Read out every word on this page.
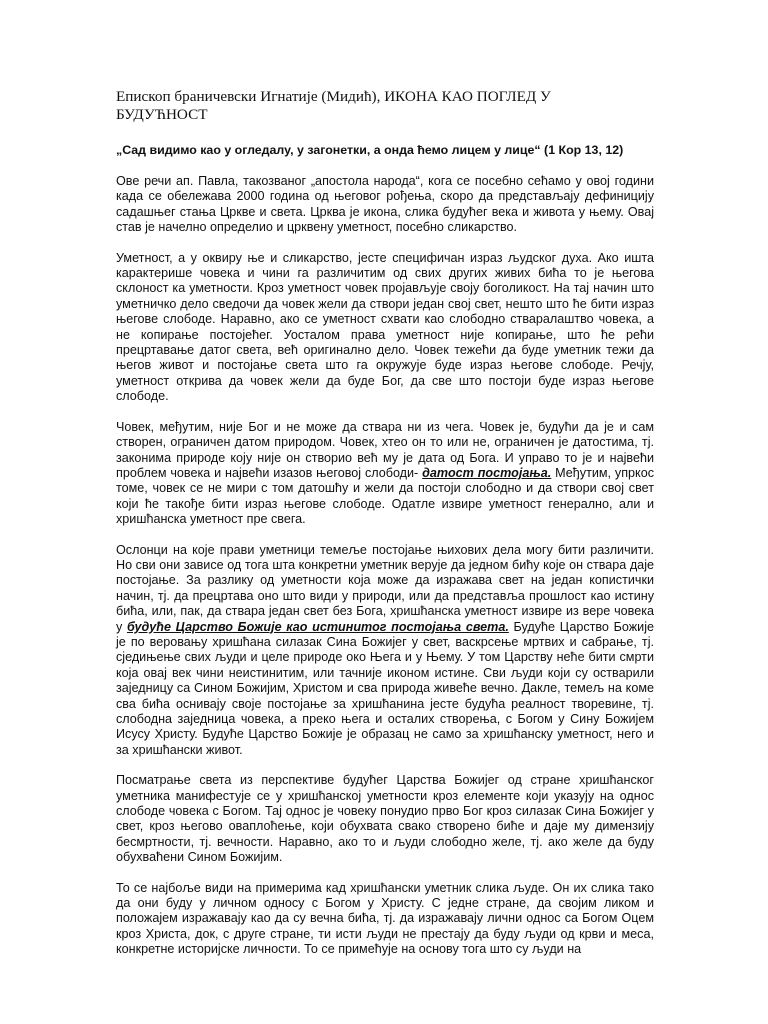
Епископ браничевски Игнатије (Мидић), ИКОНА КАО ПОГЛЕД У
БУДУЋНОСТ

„Сад видимо као у огледалу, у загонетки, а онда ћемо лицем у лице“ (1 Кор 13, 12)

Ове речи ап. Павла, такозваног „апостола народа“, кога се посебно сећамо у овој години када се обележава 2000 година од његовог рођења, скоро да представљају дефиницију садашњег стања Цркве и света. Црква је икона, слика будућег века и живота у њему. Овај став је начелно определио и црквену уметност, посебно сликарство.

Уметност, а у оквиру ње и сликарство, јесте специфичан израз људског духа. Ако ишта карактерише човека и чини га различитим од свих других живих бића то је његова склоност ка уметности. Кроз уметност човек пројављује своју боголикост. На тај начин што уметничко дело сведочи да човек жели да створи један свој свет, нешто што ће бити израз његове слободе. Наравно, ако се уметност схвати као слободно стваралаштво човека, а не копирање постојећег. Уосталом права уметност није копирање, што ће рећи прецртавање датог света, већ оригинално дело. Човек тежећи да буде уметник тежи да његов живот и постојање света што га окружује буде израз његове слободе. Речју, уметност открива да човек жели да буде Бог, да све што постоји буде израз његове слободе.

Човек, међутим, није Бог и не може да ствара ни из чега. Човек је, будући да је и сам створен, ограничен датом природом. Човек, хтео он то или не, ограничен је датостима, тј. законима природе коју није он створио већ му је дата од Бога. И управо то је и највећи проблем човека и највећи изазов његовој слободи- датост постојања. Међутим, упркос томе, човек се не мири с том датошћу и жели да постоји слободно и да створи свој свет који ће такође бити израз његове слободе. Одатле извире уметност генерално, али и хришћанска уметност пре свега.

Ослонци на које прави уметници темеље постојање њихових дела могу бити различити. Но сви они зависе од тога шта конкретни уметник верује да једном бићу које он ствара даје постојање. За разлику од уметности која може да изражава свет на један копистички начин, тј. да прецртава оно што види у природи, или да представља прошлост као истину бића, или, пак, да ствара један свет без Бога, хришћанска уметност извире из вере човека у будуће Царство Божије као истинитог постојања света. Будуће Царство Божије је по веровању хришћана силазак Сина Божијег у свет, васкрсење мртвих и сабрање, тј. сједињење свих људи и целе природе око Њега и у Њему. У том Царству неће бити смрти која овај век чини неистинитим, или тачније иконом истине. Сви људи који су остварили заједницу са Сином Божијим, Христом и сва природа живеће вечно. Дакле, темељ на коме сва бића оснивају своје постојање за хришћанина јесте будућа реалност творевине, тј. слободна заједница човека, а преко њега и осталих створења, с Богом у Сину Божијем Исусу Христу. Будуће Царство Божије је образац не само за хришћанску уметност, него и за хришћански живот.

Посматрање света из перспективе будућег Царства Божијег од стране хришћанског уметника манифестује се у хришћанској уметности кроз елементе који указују на однос слободе човека с Богом. Тај однос је човеку понудио прво Бог кроз силазак Сина Божијег у свет, кроз његово оваплоћење, који обухвата свако створено биће и даје му димензију бесмртности, тј. вечности. Наравно, ако то и људи слободно желе, тј. ако желе да буду обухваћени Сином Божијим.

То се најбоље види на примерима кад хришћански уметник слика људе. Он их слика тако да они буду у личном односу с Богом у Христу. С једне стране, да својим ликом и положајем изражавају као да су вечна бића, тј. да изражавају лични однос са Богом Оцем кроз Христа, док, с друге стране, ти исти људи не престају да буду људи од крви и меса, конкретне историјске личности. То се примећује на основу тога што су људи на
